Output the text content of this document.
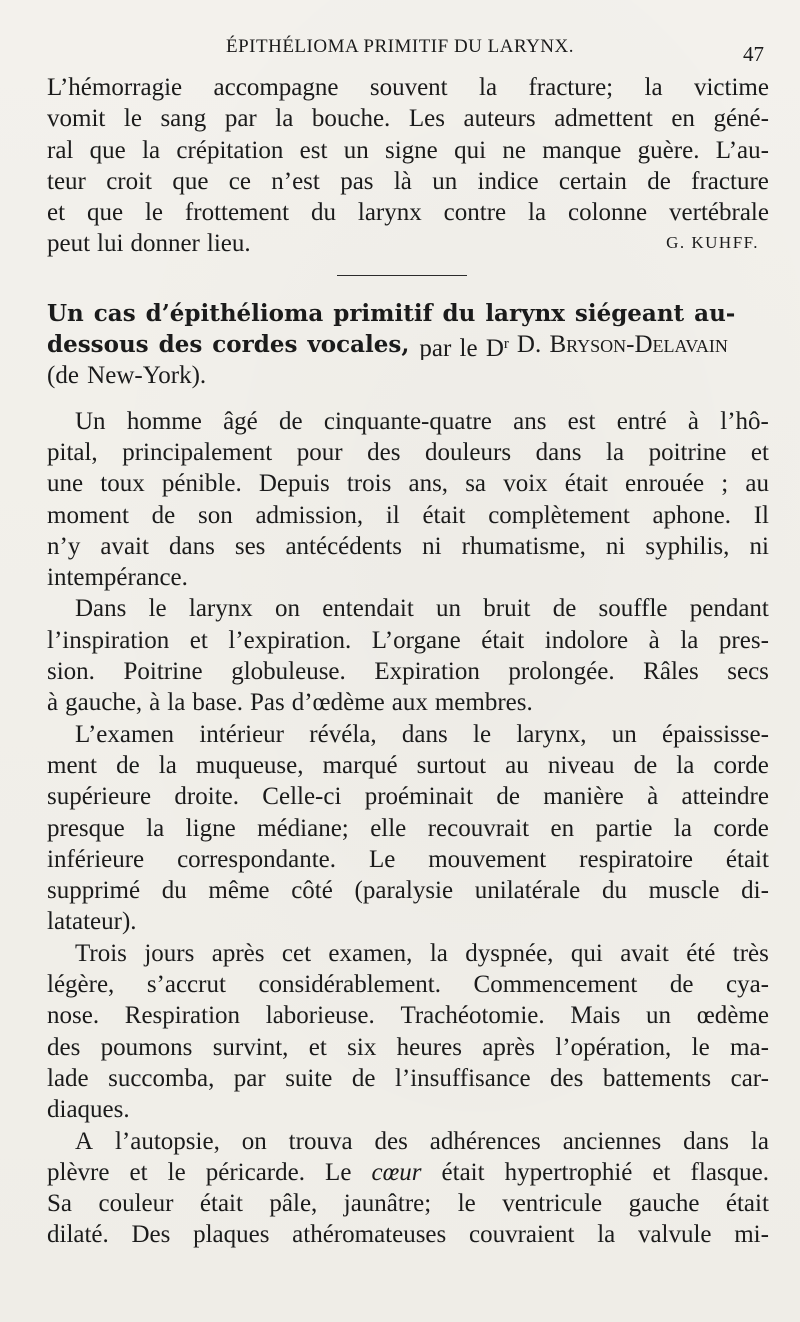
ÉPITHÉLIOMA PRIMITIF DU LARYNX.	47
L’hémorragie accompagne souvent la fracture; la victime
vomit le sang par la bouche. Les auteurs admettent en géné-
ral que la crépitation est un signe qui ne manque guère. L’au-
teur croit que ce n’est pas là un indice certain de fracture
et que le frottement du larynx contre la colonne vertébrale
peut lui donner lieu.	G. KUHFF.
Un cas d’épithélioma primitif du larynx siégeant au-
dessous des cordes vocales, par le $D^r$ D. Bryson-Delavain
(de New-York).
Un homme âgé de cinquante-quatre ans est entré à l’hô-
pital, principalement pour des douleurs dans la poitrine et
une toux pénible. Depuis trois ans, sa voix était enrouée ; au
moment de son admission, il était complètement aphone. Il
n’y avait dans ses antécédents ni rhumatisme, ni syphilis, ni
intempérance.
Dans le larynx on entendait un bruit de souffle pendant
l’inspiration et l’expiration. L’organe était indolore à la pres-
sion. Poitrine globuleuse. Expiration prolongée. Râles secs
à gauche, à la base. Pas d’œdème aux membres.
L’examen intérieur révéla, dans le larynx, un épaississe-
ment de la muqueuse, marqué surtout au niveau de la corde
supérieure droite. Celle-ci proéminait de manière à atteindre
presque la ligne médiane; elle recouvrait en partie la corde
inférieure correspondante. Le mouvement respiratoire était
supprimé du même côté (paralysie unilatérale du muscle di-
latateur).
Trois jours après cet examen, la dyspnée, qui avait été très
légère, s’accrut considérablement. Commencement de cya-
nose. Respiration laborieuse. Trachéotomie. Mais un œdème
des poumons survint, et six heures après l’opération, le ma-
lade succomba, par suite de l’insuffisance des battements car-
diaques.
A l’autopsie, on trouva des adhérences anciennes dans la
plèvre et le péricarde. Le cœur était hypertrophié et flasque.
Sa couleur était pâle, jaunâtre; le ventricule gauche était
dilaté. Des plaques athéromateuses couvraient la valvule mi-
